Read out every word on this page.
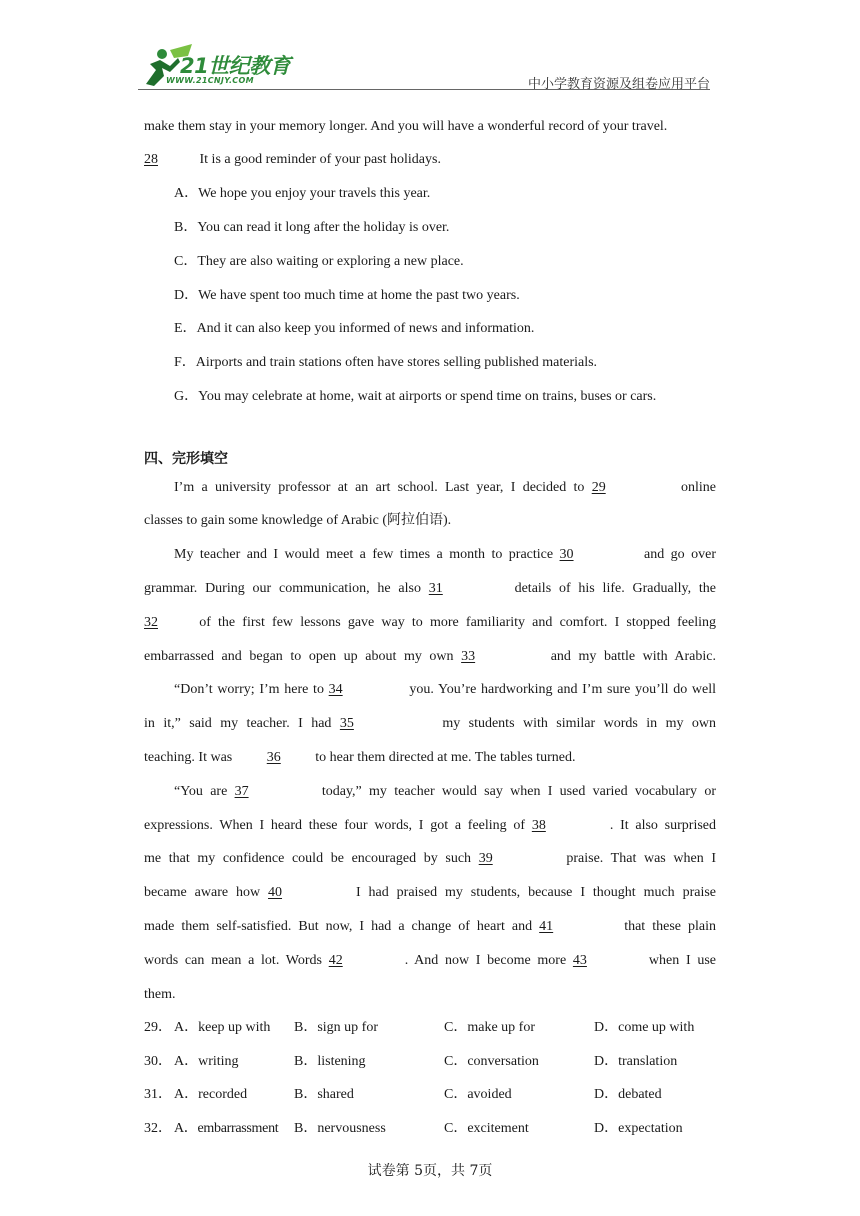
21世纪教育
WWW.21CNJY.COM	中小学教育资源及组卷应用平台
make them stay in your memory longer. And you will have a wonderful record of your travel.
28	It is a good reminder of your past holidays.
A．We hope you enjoy your travels this year.
B．You can read it long after the holiday is over.
C．They are also waiting or exploring a new place.
D．We have spent too much time at home the past two years.
E．And it can also keep you informed of news and information.
F．Airports and train stations often have stores selling published materials.
G．You may celebrate at home, wait at airports or spend time on trains, buses or cars.
四、完形填空
I’m a university professor at an art school. Last year, I decided to 29	online
classes to gain some knowledge of Arabic (阿拉伯语).
My teacher and I would meet a few times a month to practice 30	and go over
grammar. During our communication, he also 31	details of his life. Gradually, the
32	of the first few lessons gave way to more familiarity and comfort. I stopped feeling
embarrassed and began to open up about my own 33	and my battle with Arabic.
“Don’t worry; I’m here to 34	you. You’re hardworking and I’m sure you’ll do well
in it,” said my teacher. I had 35	my students with similar words in my own
teaching. It was 36 to hear them directed at me. The tables turned.
“You are 37	today,” my teacher would say when I used varied vocabulary or
expressions. When I heard these four words, I got a feeling of 38	. It also surprised
me that my confidence could be encouraged by such 39	praise. That was when I
became aware how 40	I had praised my students, because I thought much praise
made them self-satisfied. But now, I had a change of heart and 41	that these plain
words can mean a lot. Words 42	. And now I become more 43	when I use
them.
29． A．keep up with B．sign up for	C．make up for	D．come up with
30． A．writing	B．listening	C．conversation	D．translation
31． A．recorded	B．shared	C．avoided	D．debated
32． A．embarrassment B．nervousness	C．excitement	D．expectation
试卷第 5页，共 7页
